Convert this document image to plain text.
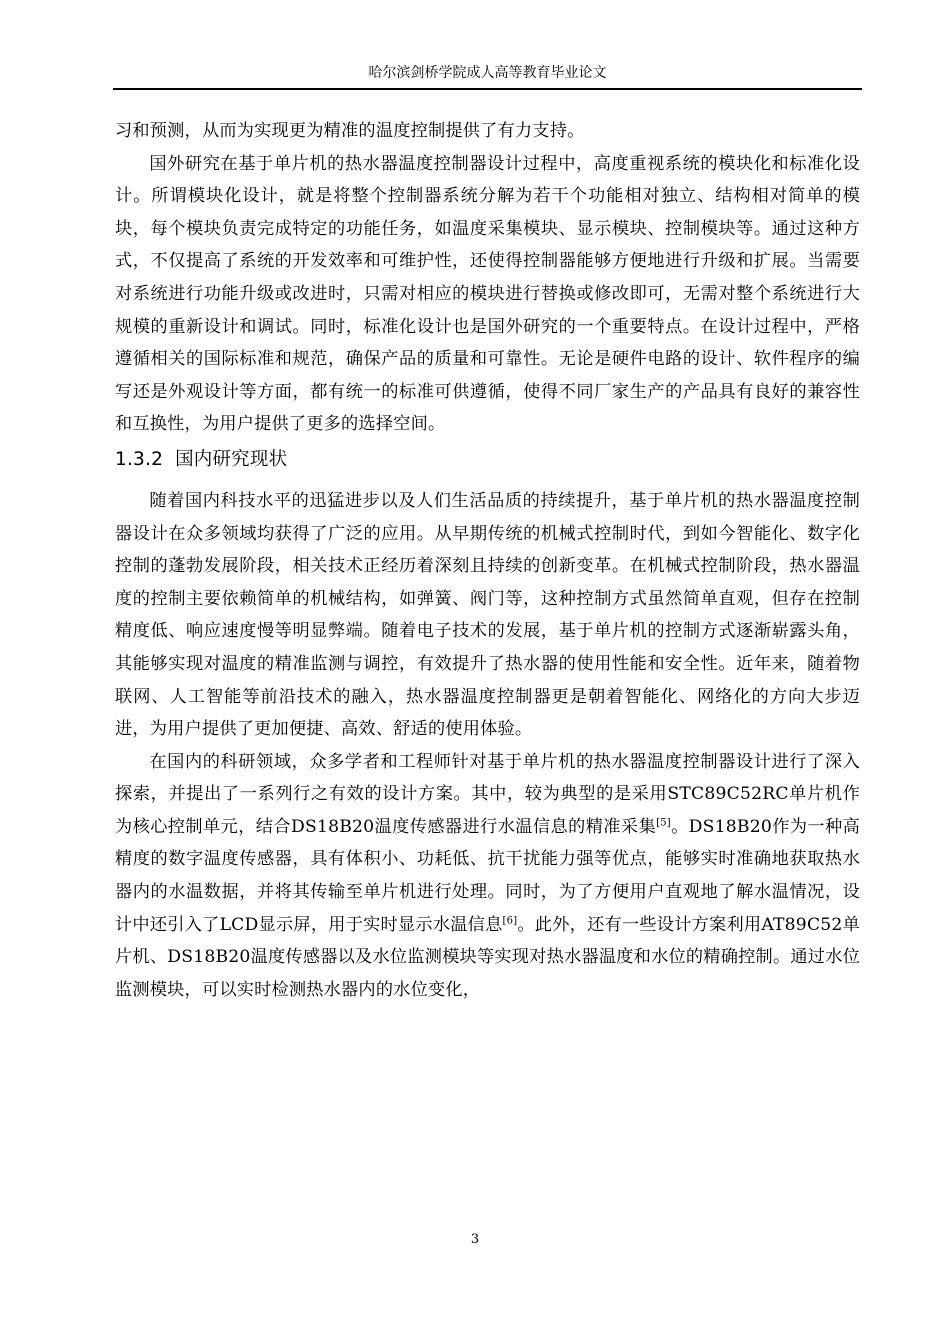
哈尔滨剑桥学院成人高等教育毕业论文

习和预测，从而为实现更为精准的温度控制提供了有力支持。

国外研究在基于单片机的热水器温度控制器设计过程中，高度重视系统的模块化和标准化设计。所谓模块化设计，就是将整个控制器系统分解为若干个功能相对独立、结构相对简单的模块，每个模块负责完成特定的功能任务，如温度采集模块、显示模块、控制模块等。通过这种方式，不仅提高了系统的开发效率和可维护性，还使得控制器能够方便地进行升级和扩展。当需要对系统进行功能升级或改进时，只需对相应的模块进行替换或修改即可，无需对整个系统进行大规模的重新设计和调试。同时，标准化设计也是国外研究的一个重要特点。在设计过程中，严格遵循相关的国际标准和规范，确保产品的质量和可靠性。无论是硬件电路的设计、软件程序的编写还是外观设计等方面，都有统一的标准可供遵循，使得不同厂家生产的产品具有良好的兼容性和互换性，为用户提供了更多的选择空间。

1.3.2 国内研究现状

随着国内科技水平的迅猛进步以及人们生活品质的持续提升，基于单片机的热水器温度控制器设计在众多领域均获得了广泛的应用。从早期传统的机械式控制时代，到如今智能化、数字化控制的蓬勃发展阶段，相关技术正经历着深刻且持续的创新变革。在机械式控制阶段，热水器温度的控制主要依赖简单的机械结构，如弹簧、阀门等，这种控制方式虽然简单直观，但存在控制精度低、响应速度慢等明显弊端。随着电子技术的发展，基于单片机的控制方式逐渐崭露头角，其能够实现对温度的精准监测与调控，有效提升了热水器的使用性能和安全性。近年来，随着物联网、人工智能等前沿技术的融入，热水器温度控制器更是朝着智能化、网络化的方向大步迈进，为用户提供了更加便捷、高效、舒适的使用体验。

在国内的科研领域，众多学者和工程师针对基于单片机的热水器温度控制器设计进行了深入探索，并提出了一系列行之有效的设计方案。其中，较为典型的是采用STC89C52RC单片机作为核心控制单元，结合DS18B20温度传感器进行水温信息的精准采集[5]。DS18B20作为一种高精度的数字温度传感器，具有体积小、功耗低、抗干扰能力强等优点，能够实时准确地获取热水器内的水温数据，并将其传输至单片机进行处理。同时，为了方便用户直观地了解水温情况，设计中还引入了LCD显示屏，用于实时显示水温信息[6]。此外，还有一些设计方案利用AT89C52单片机、DS18B20温度传感器以及水位监测模块等实现对热水器温度和水位的精确控制。通过水位监测模块，可以实时检测热水器内的水位变化，

3
